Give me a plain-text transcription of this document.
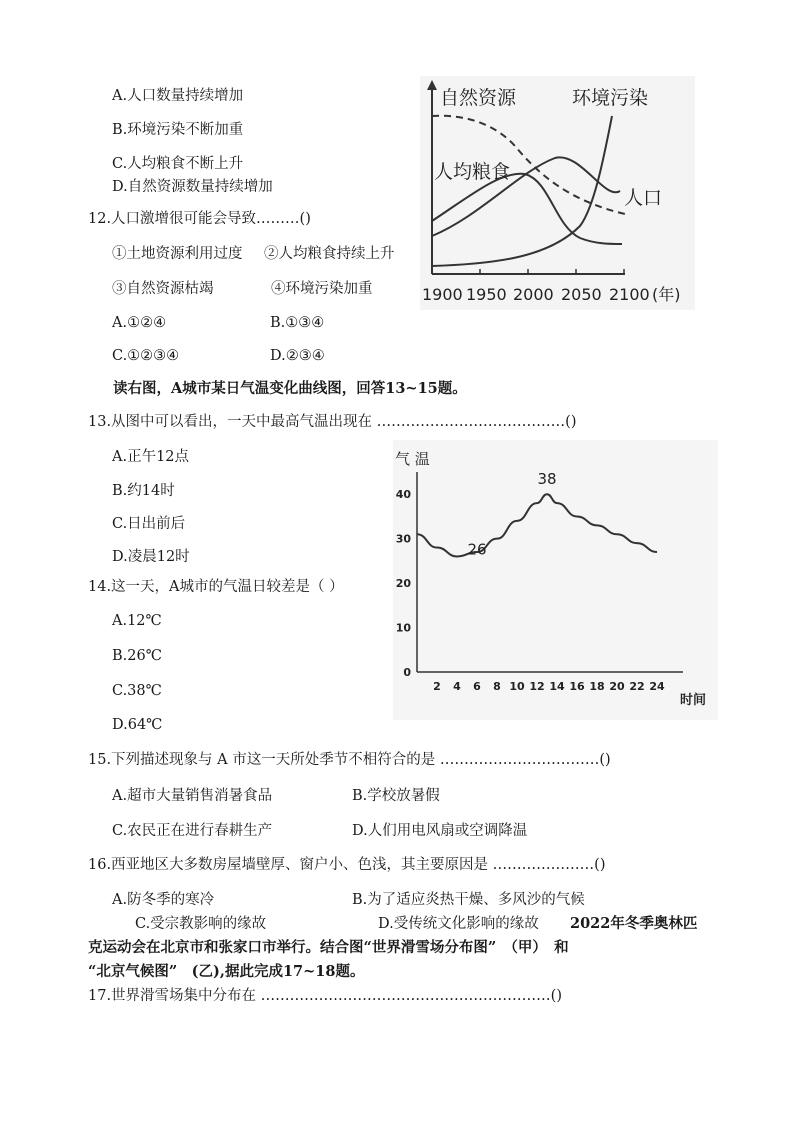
A.人口数量持续增加
B.环境污染不断加重
C.人均粮食不断上升
D.自然资源数量持续增加
12.人口激增很可能会导致………()
①土地资源利用过度 ②人均粮食持续上升
③自然资源枯竭	④环境污染加重
A.①②④	B.①③④
C.①②③④	D.②③④
读右图，A城市某日气温变化曲线图，回答13~15题。
13.从图中可以看出，一天中最高气温出现在 …………………………………()
A.正午12点
B.约14时
C.日出前后
D.凌晨12时
14.这一天，A城市的气温日较差是（ ）
A.12℃
B.26℃
C.38℃
D.64℃
15.下列描述现象与 A 市这一天所处季节不相符合的是 ……………………………()
A.超市大量销售消暑食品	B.学校放暑假
C.农民正在进行春耕生产	D.人们用电风扇或空调降温
16.西亚地区大多数房屋墙壁厚、窗户小、色浅，其主要原因是 …………………()
A.防冬季的寒冷	B.为了适应炎热干燥、多风沙的气候
C.受宗教影响的缘故	D.受传统文化影响的缘故 2022年冬季奥林匹
克运动会在北京市和张家口市举行。结合图“世界滑雪场分布图”　（甲）　和
“北京气候图”　(乙),据此完成17~18题。
17.世界滑雪场集中分布在 ……………………………………………………()
自然资源	环境污染
人均粮食
人口
1900 1950 2000 2050 2100 (年)
气 温
时间
2 4 6 8 10 12 14 16 18 20 22 24
0
10
20
30
40
26
38
